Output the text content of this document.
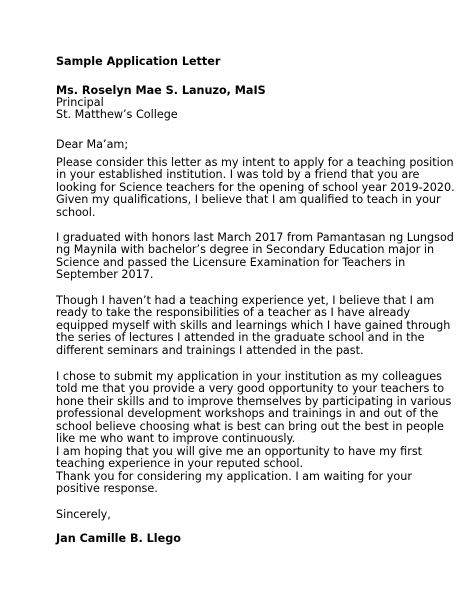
Sample Application Letter

Ms. Roselyn Mae S. Lanuzo, MaIS

Principal

St. Matthew’s College

Dear Ma’am;

Please consider this letter as my intent to apply for a teaching position
in your established institution. I was told by a friend that you are
looking for Science teachers for the opening of school year 2019-2020.
Given my qualifications, I believe that I am qualified to teach in your
school.

I graduated with honors last March 2017 from Pamantasan ng Lungsod
ng Maynila with bachelor’s degree in Secondary Education major in
Science and passed the Licensure Examination for Teachers in
September 2017.

Though I haven’t had a teaching experience yet, I believe that I am
ready to take the responsibilities of a teacher as I have already
equipped myself with skills and learnings which I have gained through
the series of lectures I attended in the graduate school and in the
different seminars and trainings I attended in the past.

I chose to submit my application in your institution as my colleagues
told me that you provide a very good opportunity to your teachers to
hone their skills and to improve themselves by participating in various
professional development workshops and trainings in and out of the
school believe choosing what is best can bring out the best in people
like me who want to improve continuously.

I am hoping that you will give me an opportunity to have my first
teaching experience in your reputed school.
Thank you for considering my application. I am waiting for your
positive response.

Sincerely,

Jan Camille B. Llego
